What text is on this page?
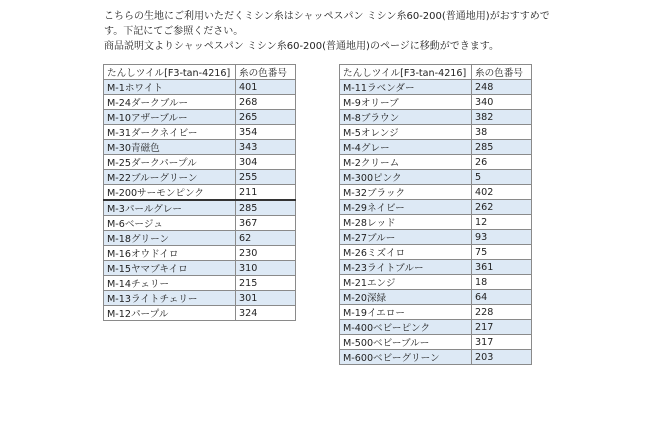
こちらの生地にご利用いただくミシン糸はシャッペスパン ミシン糸60-200(普通地用)がおすすめで

す。下記にてご参照ください。

商品説明文よりシャッペスパン ミシン糸60-200(普通地用)のページに移動ができます。

たんしツイル[F3-tan-4216]	糸の色番号
M-1ホワイト	401
M-24ダークブルー	268
M-10アザーブルー	265
M-31ダークネイビー	354
M-30青磁色	343
M-25ダークパープル	304
M-22ブルーグリーン	255
M-200サーモンピンク	211
M-3パールグレー	285
M-6ベージュ	367
M-18グリーン	62
M-16オウドイロ	230
M-15ヤマブキイロ	310
M-14チェリー	215
M-13ライトチェリー	301
M-12パープル	324
たんしツイル[F3-tan-4216]	糸の色番号
M-11ラベンダー	248
M-9オリーブ	340
M-8ブラウン	382
M-5オレンジ	38
M-4グレー	285
M-2クリーム	26
M-300ピンク	5
M-32ブラック	402
M-29ネイビー	262
M-28レッド	12
M-27ブルー	93
M-26ミズイロ	75
M-23ライトブルー	361
M-21エンジ	18
M-20深緑	64
M-19イエロー	228
M-400ベビーピンク	217
M-500ベビーブルー	317
M-600ベビーグリーン	203
